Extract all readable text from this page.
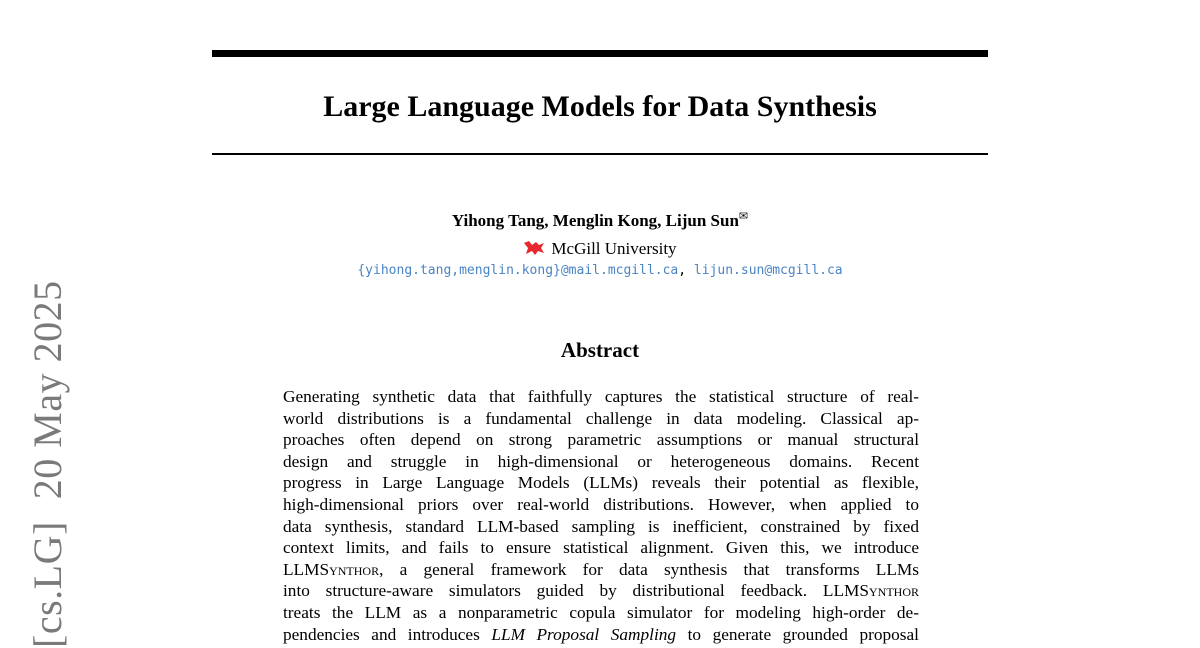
Large Language Models for Data Synthesis
Yihong Tang, Menglin Kong, Lijun Sun✉
McGill University
{yihong.tang,menglin.kong}@mail.mcgill.ca, lijun.sun@mcgill.ca
Abstract
Generating synthetic data that faithfully captures the statistical structure of real-
world distributions is a fundamental challenge in data modeling. Classical ap-
proaches often depend on strong parametric assumptions or manual structural
design and struggle in high-dimensional or heterogeneous domains. Recent
progress in Large Language Models (LLMs) reveals their potential as flexible,
high-dimensional priors over real-world distributions. However, when applied to
data synthesis, standard LLM-based sampling is inefficient, constrained by fixed
context limits, and fails to ensure statistical alignment. Given this, we introduce
LLMSynthor, a general framework for data synthesis that transforms LLMs
into structure-aware simulators guided by distributional feedback. LLMSynthor
treats the LLM as a nonparametric copula simulator for modeling high-order de-
pendencies and introduces LLM Proposal Sampling to generate grounded proposal
[cs.LG]20 May 2025
